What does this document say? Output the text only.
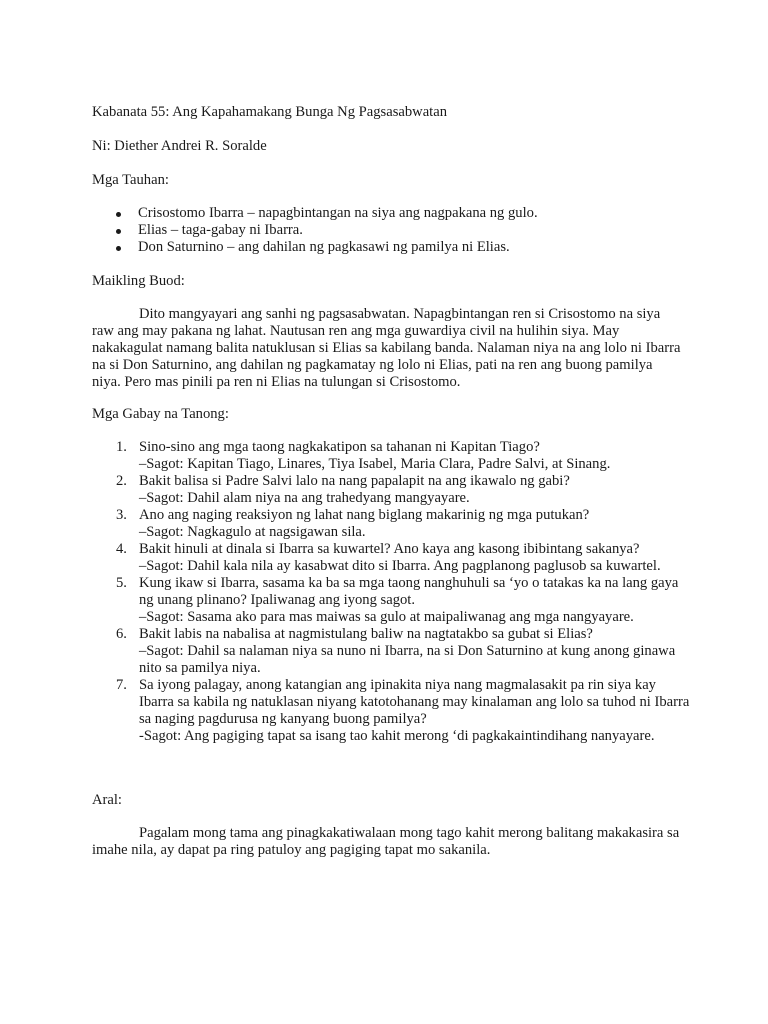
Kabanata 55: Ang Kapahamakang Bunga Ng Pagsasabwatan

Ni: Diether Andrei R. Soralde

Mga Tauhan:

Crisostomo Ibarra – napagbintangan na siya ang nagpakana ng gulo.
Elias – taga-gabay ni Ibarra.
Don Saturnino – ang dahilan ng pagkasawi ng pamilya ni Elias.

Maikling Buod:

Dito mangyayari ang sanhi ng pagsasabwatan. Napagbintangan ren si Crisostomo na siya raw ang may pakana ng lahat. Nautusan ren ang mga guwardiya civil na hulihin siya. May nakakagulat namang balita natuklusan si Elias sa kabilang banda. Nalaman niya na ang lolo ni Ibarra na si Don Saturnino, ang dahilan ng pagkamatay ng lolo ni Elias, pati na ren ang buong pamilya niya. Pero mas pinili pa ren ni Elias na tulungan si Crisostomo.

Mga Gabay na Tanong:

1. Sino-sino ang mga taong nagkakatipon sa tahanan ni Kapitan Tiago?
–Sagot: Kapitan Tiago, Linares, Tiya Isabel, Maria Clara, Padre Salvi, at Sinang.
2. Bakit balisa si Padre Salvi lalo na nang papalapit na ang ikawalo ng gabi?
–Sagot: Dahil alam niya na ang trahedyang mangyayare.
3. Ano ang naging reaksiyon ng lahat nang biglang makarinig ng mga putukan?
–Sagot: Nagkagulo at nagsigawan sila.
4. Bakit hinuli at dinala si Ibarra sa kuwartel? Ano kaya ang kasong ibibintang sakanya?
–Sagot: Dahil kala nila ay kasabwat dito si Ibarra. Ang pagplanong paglusob sa kuwartel.
5. Kung ikaw si Ibarra, sasama ka ba sa mga taong nanghuhuli sa ‘yo o tatakas ka na lang gaya ng unang plinano? Ipaliwanag ang iyong sagot.
–Sagot: Sasama ako para mas maiwas sa gulo at maipaliwanag ang mga nangyayare.
6. Bakit labis na nabalisa at nagmistulang baliw na nagtatakbo sa gubat si Elias?
–Sagot: Dahil sa nalaman niya sa nuno ni Ibarra, na si Don Saturnino at kung anong ginawa nito sa pamilya niya.
7. Sa iyong palagay, anong katangian ang ipinakita niya nang magmalasakit pa rin siya kay Ibarra sa kabila ng natuklasan niyang katotohanang may kinalaman ang lolo sa tuhod ni Ibarra sa naging pagdurusa ng kanyang buong pamilya?
-Sagot: Ang pagiging tapat sa isang tao kahit merong ‘di pagkakaintindihang nanyayare.

Aral:

Pagalam mong tama ang pinagkakatiwalaan mong tago kahit merong balitang makakasira sa imahe nila, ay dapat pa ring patuloy ang pagiging tapat mo sakanila.
